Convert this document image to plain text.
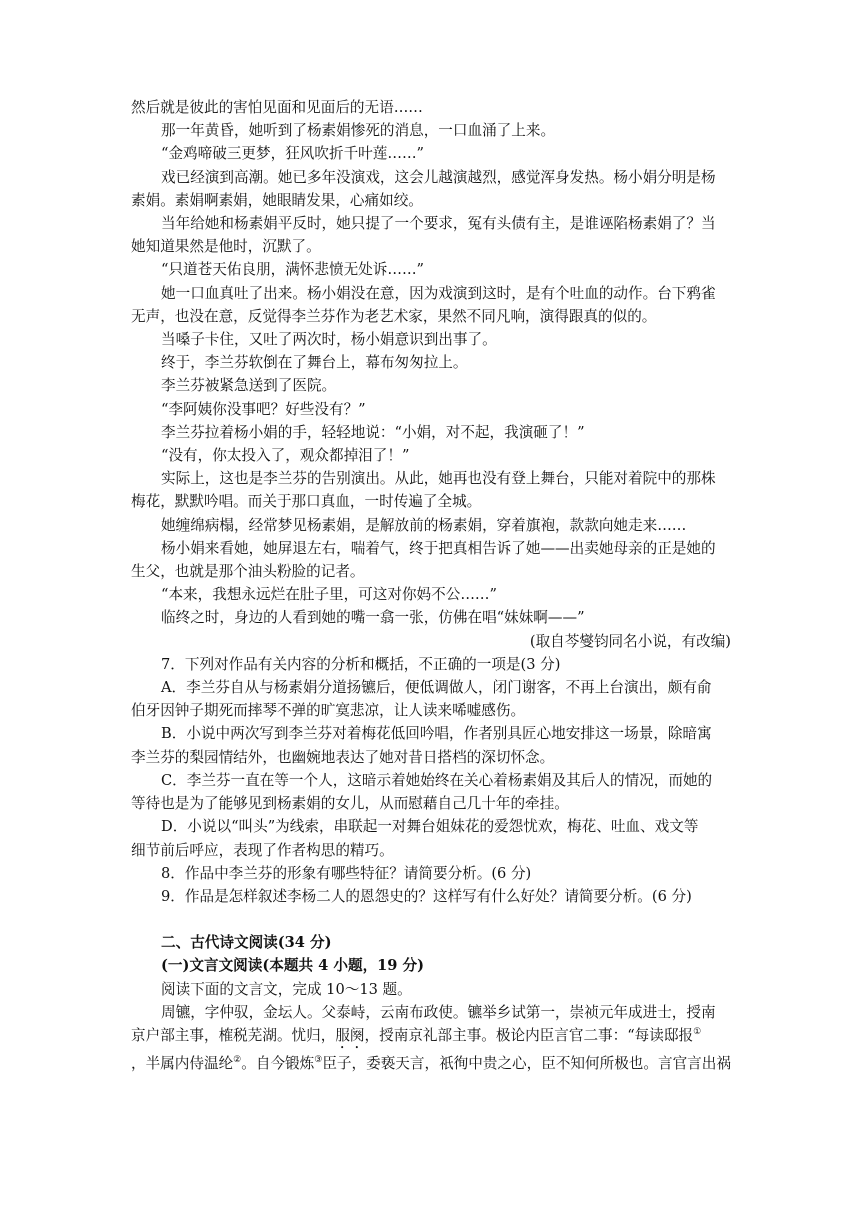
然后就是彼此的害怕见面和见面后的无语……

那一年黄昏，她听到了杨素娟惨死的消息，一口血涌了上来。

“金鸡啼破三更梦，狂风吹折千叶莲……”

戏已经演到高潮。她已多年没演戏，这会儿越演越烈，感觉浑身发热。杨小娟分明是杨

素娟。素娟啊素娟，她眼睛发果，心痛如绞。

当年给她和杨素娟平反时，她只提了一个要求，冤有头债有主，是谁诬陷杨素娟了？当

她知道果然是他时，沉默了。

“只道苍天佑良朋，满怀悲愤无处诉……”

她一口血真吐了出来。杨小娟没在意，因为戏演到这时，是有个吐血的动作。台下鸦雀

无声，也没在意，反觉得李兰芬作为老艺术家，果然不同凡响，演得跟真的似的。

当嗓子卡住，又吐了两次时，杨小娟意识到出事了。

终于，李兰芬软倒在了舞台上，幕布匆匆拉上。

李兰芬被紧急送到了医院。

“李阿姨你没事吧？好些没有？”

李兰芬拉着杨小娟的手，轻轻地说：“小娟，对不起，我演砸了！”

“没有，你太投入了，观众都掉泪了！”

实际上，这也是李兰芬的告别演出。从此，她再也没有登上舞台，只能对着院中的那株

梅花，默默吟唱。而关于那口真血，一时传遍了全城。

她缠绵病榻，经常梦见杨素娟，是解放前的杨素娟，穿着旗袍，款款向她走来……

杨小娟来看她，她屏退左右，喘着气，终于把真相告诉了她——出卖她母亲的正是她的

生父，也就是那个油头粉脸的记者。

“本来，我想永远烂在肚子里，可这对你妈不公……”

临终之时，身边的人看到她的嘴一翕一张，仿佛在唱“妹妹啊——”

(取自芩燮钧同名小说，有改编)

7．下列对作品有关内容的分析和概括，不正确的一项是(3 分)

A．李兰芬自从与杨素娟分道扬镳后，便低调做人，闭门谢客，不再上台演出，颇有俞

伯牙因钟子期死而摔琴不弹的旷寞悲凉，让人读来唏嘘感伤。

B．小说中两次写到李兰芬对着梅花低回吟唱，作者别具匠心地安排这一场景，除暗寓

李兰芬的梨园情结外，也幽婉地表达了她对昔日搭档的深切怀念。

C．李兰芬一直在等一个人，这暗示着她始终在关心着杨素娟及其后人的情况，而她的

等待也是为了能够见到杨素娟的女儿，从而慰藉自己几十年的牵挂。

D．小说以“叫头”为线索，串联起一对舞台姐妹花的爱怨忧欢，梅花、吐血、戏文等

细节前后呼应，表现了作者构思的精巧。

8．作品中李兰芬的形象有哪些特征？请简要分析。(6 分)

9．作品是怎样叙述李杨二人的恩怨史的？这样写有什么好处？请简要分析。(6 分)

二、古代诗文阅读(34 分)

(一)文言文阅读(本题共 4 小题，19 分)

阅读下面的文言文，完成 10～13 题。

周镳，字仲驭，金坛人。父泰峙，云南布政使。镳举乡试第一，崇祯元年成进士，授南

京户部主事，榷税芜湖。忧归，服阕，授南京礼部主事。极论内臣言官二事：“每读邸报①

，半属内侍温纶②。自今锻炼③臣子，委亵天言，祇徇中贵之心，臣不知何所极也。言官言出祸
